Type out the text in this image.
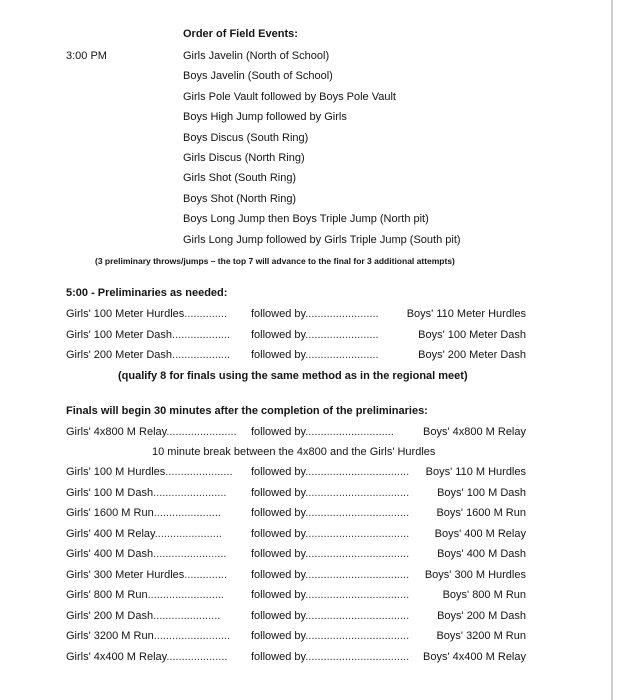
Order of Field Events:
3:00 PM	Girls Javelin (North of School)
Boys Javelin (South of School)
Girls Pole Vault followed by Boys Pole Vault
Boys High Jump followed by Girls
Boys Discus (South Ring)
Girls Discus (North Ring)
Girls Shot (South Ring)
Boys Shot (North Ring)
Boys Long Jump then Boys Triple Jump (North pit)
Girls Long Jump followed by Girls Triple Jump (South pit)
(3 preliminary throws/jumps – the top 7 will advance to the final for 3 additional attempts)
5:00 - Preliminaries as needed:
Girls' 100 Meter Hurdles.............. followed by........................	Boys' 110 Meter Hurdles
Girls' 100 Meter Dash................... followed by........................	Boys' 100 Meter Dash
Girls' 200 Meter Dash................... followed by........................	Boys' 200 Meter Dash
(qualify 8 for finals using the same method as in the regional meet)
Finals will begin 30 minutes after the completion of the preliminaries:
Girls' 4x800 M Relay....................... followed by.............................	Boys' 4x800 M Relay
10 minute break between the 4x800 and the Girls' Hurdles
Girls' 100 M Hurdles...................... followed by.................................. Boys' 110 M Hurdles
Girls' 100 M Dash........................ followed by..................................	Boys' 100 M Dash
Girls' 1600 M Run......................	followed by.................................. Boys' 1600 M Run
Girls' 400 M Relay......................	followed by.................................. Boys' 400 M Relay
Girls' 400 M Dash........................ followed by..................................	Boys' 400 M Dash
Girls' 300 Meter Hurdles.............. followed by.................................. Boys' 300 M Hurdles
Girls' 800 M Run......................... followed by..................................	Boys' 800 M Run
Girls' 200 M Dash......................	followed by..................................	Boys' 200 M Dash
Girls' 3200 M Run......................... followed by.................................. Boys' 3200 M Run
Girls' 4x400 M Relay.................... followed by.................................. Boys' 4x400 M Relay
